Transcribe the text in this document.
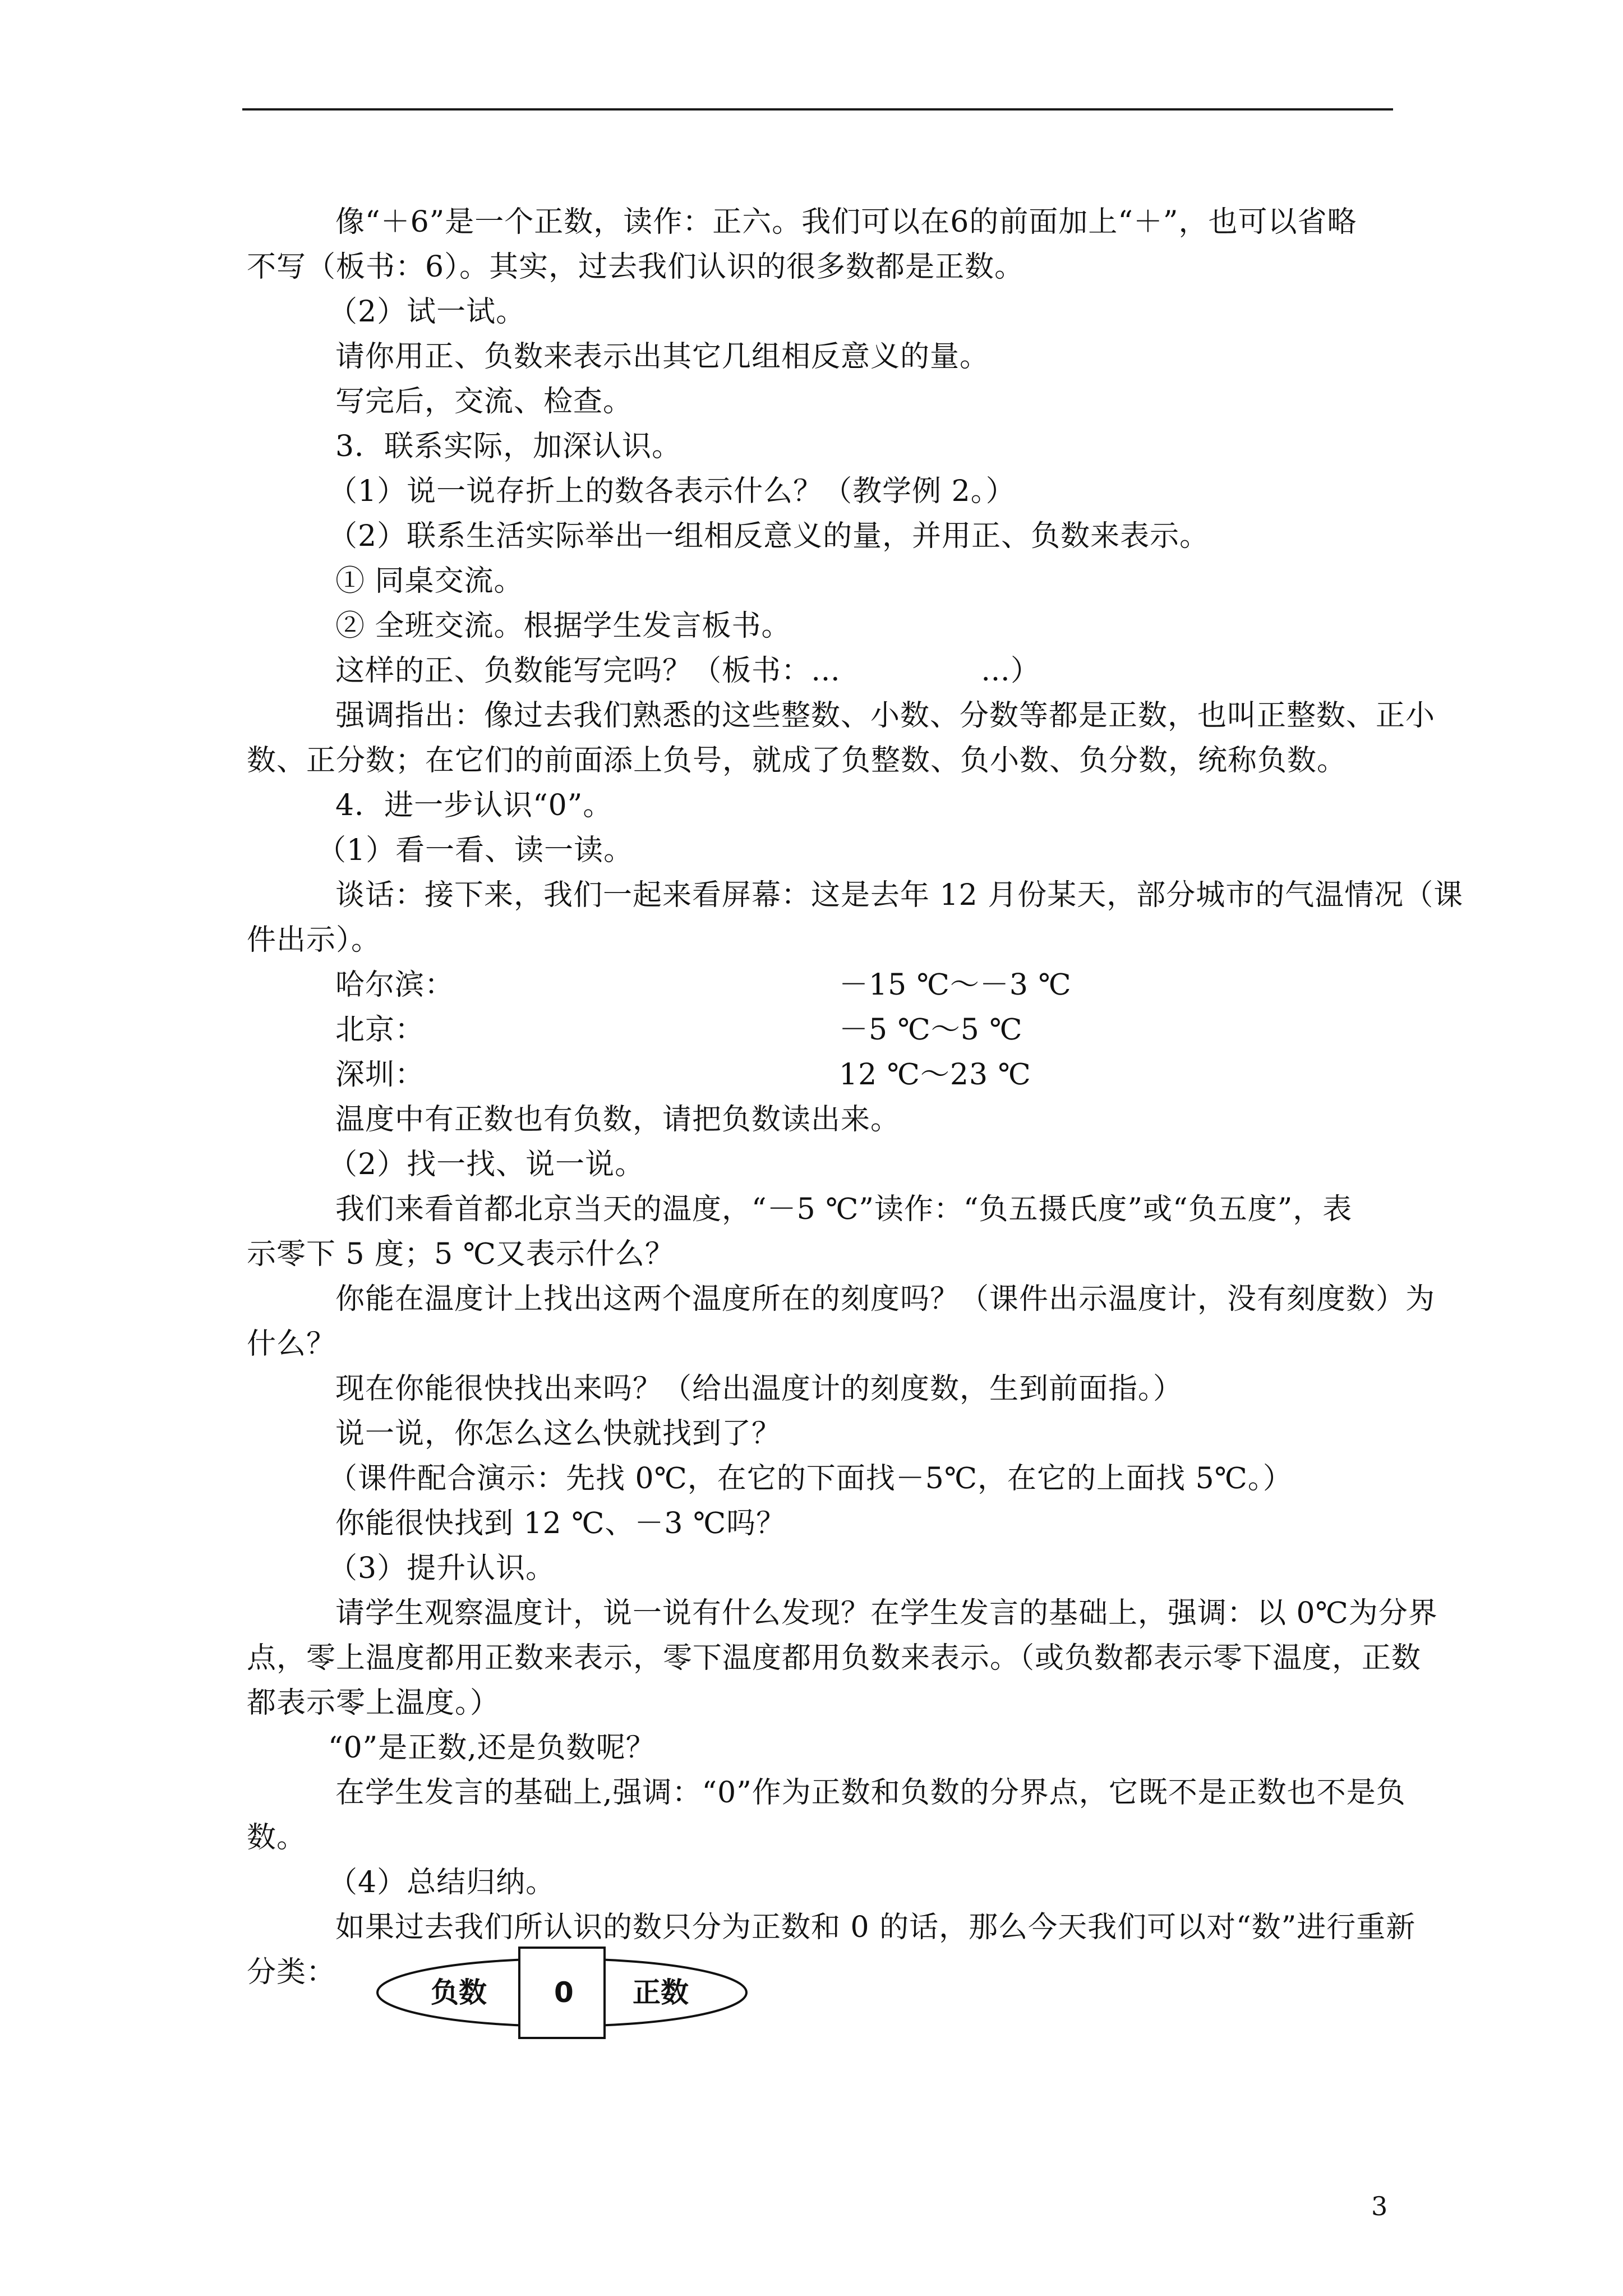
像“＋6”是一个正数，读作：正六。我们可以在6的前面加上“＋”，也可以省略
不写（板书：6）。其实，过去我们认识的很多数都是正数。
（2）试一试。
请你用正、负数来表示出其它几组相反意义的量。
写完后，交流、检查。
3．联系实际，加深认识。
（1）说一说存折上的数各表示什么？（教学例 2。）
（2）联系生活实际举出一组相反意义的量，并用正、负数来表示。
① 同桌交流。
② 全班交流。根据学生发言板书。
这样的正、负数能写完吗？（板书：…	…）
强调指出：像过去我们熟悉的这些整数、小数、分数等都是正数，也叫正整数、正小
数、正分数；在它们的前面添上负号，就成了负整数、负小数、负分数，统称负数。
4．进一步认识“0”。
（1）看一看、读一读。
谈话：接下来，我们一起来看屏幕：这是去年 12 月份某天，部分城市的气温情况（课
件出示）。
哈尔滨：	－15 ℃～－3 ℃
北京：	－5 ℃～5 ℃
深圳：	12 ℃～23 ℃
温度中有正数也有负数，请把负数读出来。
（2）找一找、说一说。
我们来看首都北京当天的温度，“－5 ℃”读作：“负五摄氏度”或“负五度”，表
示零下 5 度；5 ℃又表示什么？
你能在温度计上找出这两个温度所在的刻度吗？（课件出示温度计，没有刻度数）为
什么？
现在你能很快找出来吗？（给出温度计的刻度数，生到前面指。）
说一说，你怎么这么快就找到了？
（课件配合演示：先找 0℃，在它的下面找－5℃，在它的上面找 5℃。）
你能很快找到 12 ℃、－3 ℃吗？
（3）提升认识。
请学生观察温度计，说一说有什么发现？在学生发言的基础上，强调：以 0℃为分界
点，零上温度都用正数来表示，零下温度都用负数来表示。（或负数都表示零下温度，正数
都表示零上温度。）
“0”是正数,还是负数呢？
在学生发言的基础上,强调：“0”作为正数和负数的分界点，它既不是正数也不是负
数。
（4）总结归纳。
如果过去我们所认识的数只分为正数和 0 的话，那么今天我们可以对“数”进行重新
分类：
负数 0 正数
3
